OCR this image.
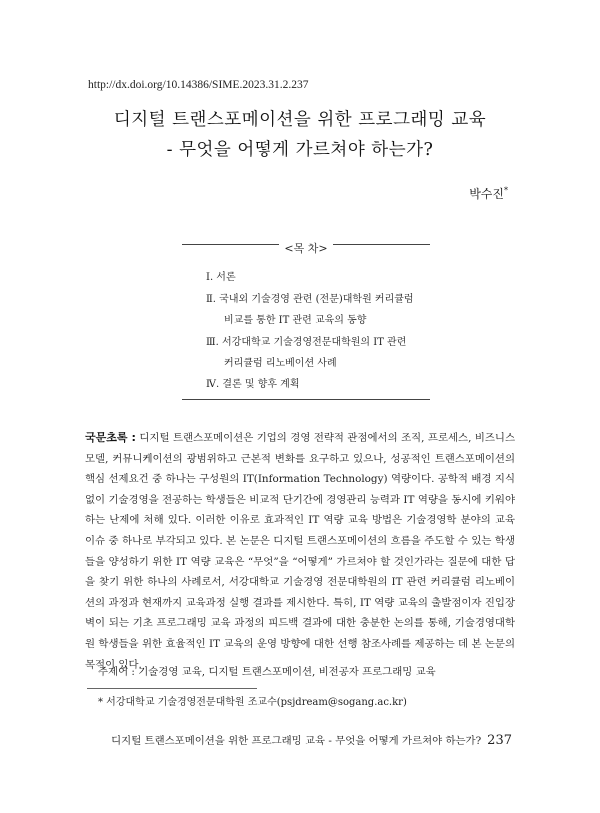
http://dx.doi.org/10.14386/SIME.2023.31.2.237
디지털 트랜스포메이션을 위한 프로그래밍 교육
- 무엇을 어떻게 가르쳐야 하는가?
박수진*
<목 차>
Ⅰ. 서론
Ⅱ. 국내외 기술경영 관련 (전문)대학원 커리큘럼
비교를 통한 IT 관련 교육의 동향
Ⅲ. 서강대학교 기술경영전문대학원의 IT 관련
커리큘럼 리노베이션 사례
Ⅳ. 결론 및 향후 계획
국문초록 : 디지털 트랜스포메이션은 기업의 경영 전략적 관점에서의 조직, 프로세스, 비즈니스 모델, 커뮤니케이션의 광범위하고 근본적 변화를 요구하고 있으나, 성공적인 트랜스포메이션의 핵심 선제요건 중 하나는 구성원의 IT(Information Technology) 역량이다. 공학적 배경 지식 없이 기술경영을 전공하는 학생들은 비교적 단기간에 경영관리 능력과 IT 역량을 동시에 키워야 하는 난제에 처해 있다. 이러한 이유로 효과적인 IT 역량 교육 방법은 기술경영학 분야의 교육 이슈 중 하나로 부각되고 있다. 본 논문은 디지털 트랜스포메이션의 흐름을 주도할 수 있는 학생들을 양성하기 위한 IT 역량 교육은 “무엇”을 “어떻게” 가르쳐야 할 것인가라는 질문에 대한 답을 찾기 위한 하나의 사례로서, 서강대학교 기술경영 전문대학원의 IT 관련 커리큘럼 리노베이션의 과정과 현재까지 교육과정 실행 결과를 제시한다. 특히, IT 역량 교육의 출발점이자 진입장벽이 되는 기초 프로그래밍 교육 과정의 피드백 결과에 대한 충분한 논의를 통해, 기술경영대학원 학생들을 위한 효율적인 IT 교육의 운영 방향에 대한 선행 참조사례를 제공하는 데 본 논문의 목적이 있다.
주제어 : 기술경영 교육, 디지털 트랜스포메이션, 비전공자 프로그래밍 교육
* 서강대학교 기술경영전문대학원 조교수(psjdream@sogang.ac.kr)
디지털 트랜스포메이션을 위한 프로그래밍 교육 - 무엇을 어떻게 가르쳐야 하는가? 237
